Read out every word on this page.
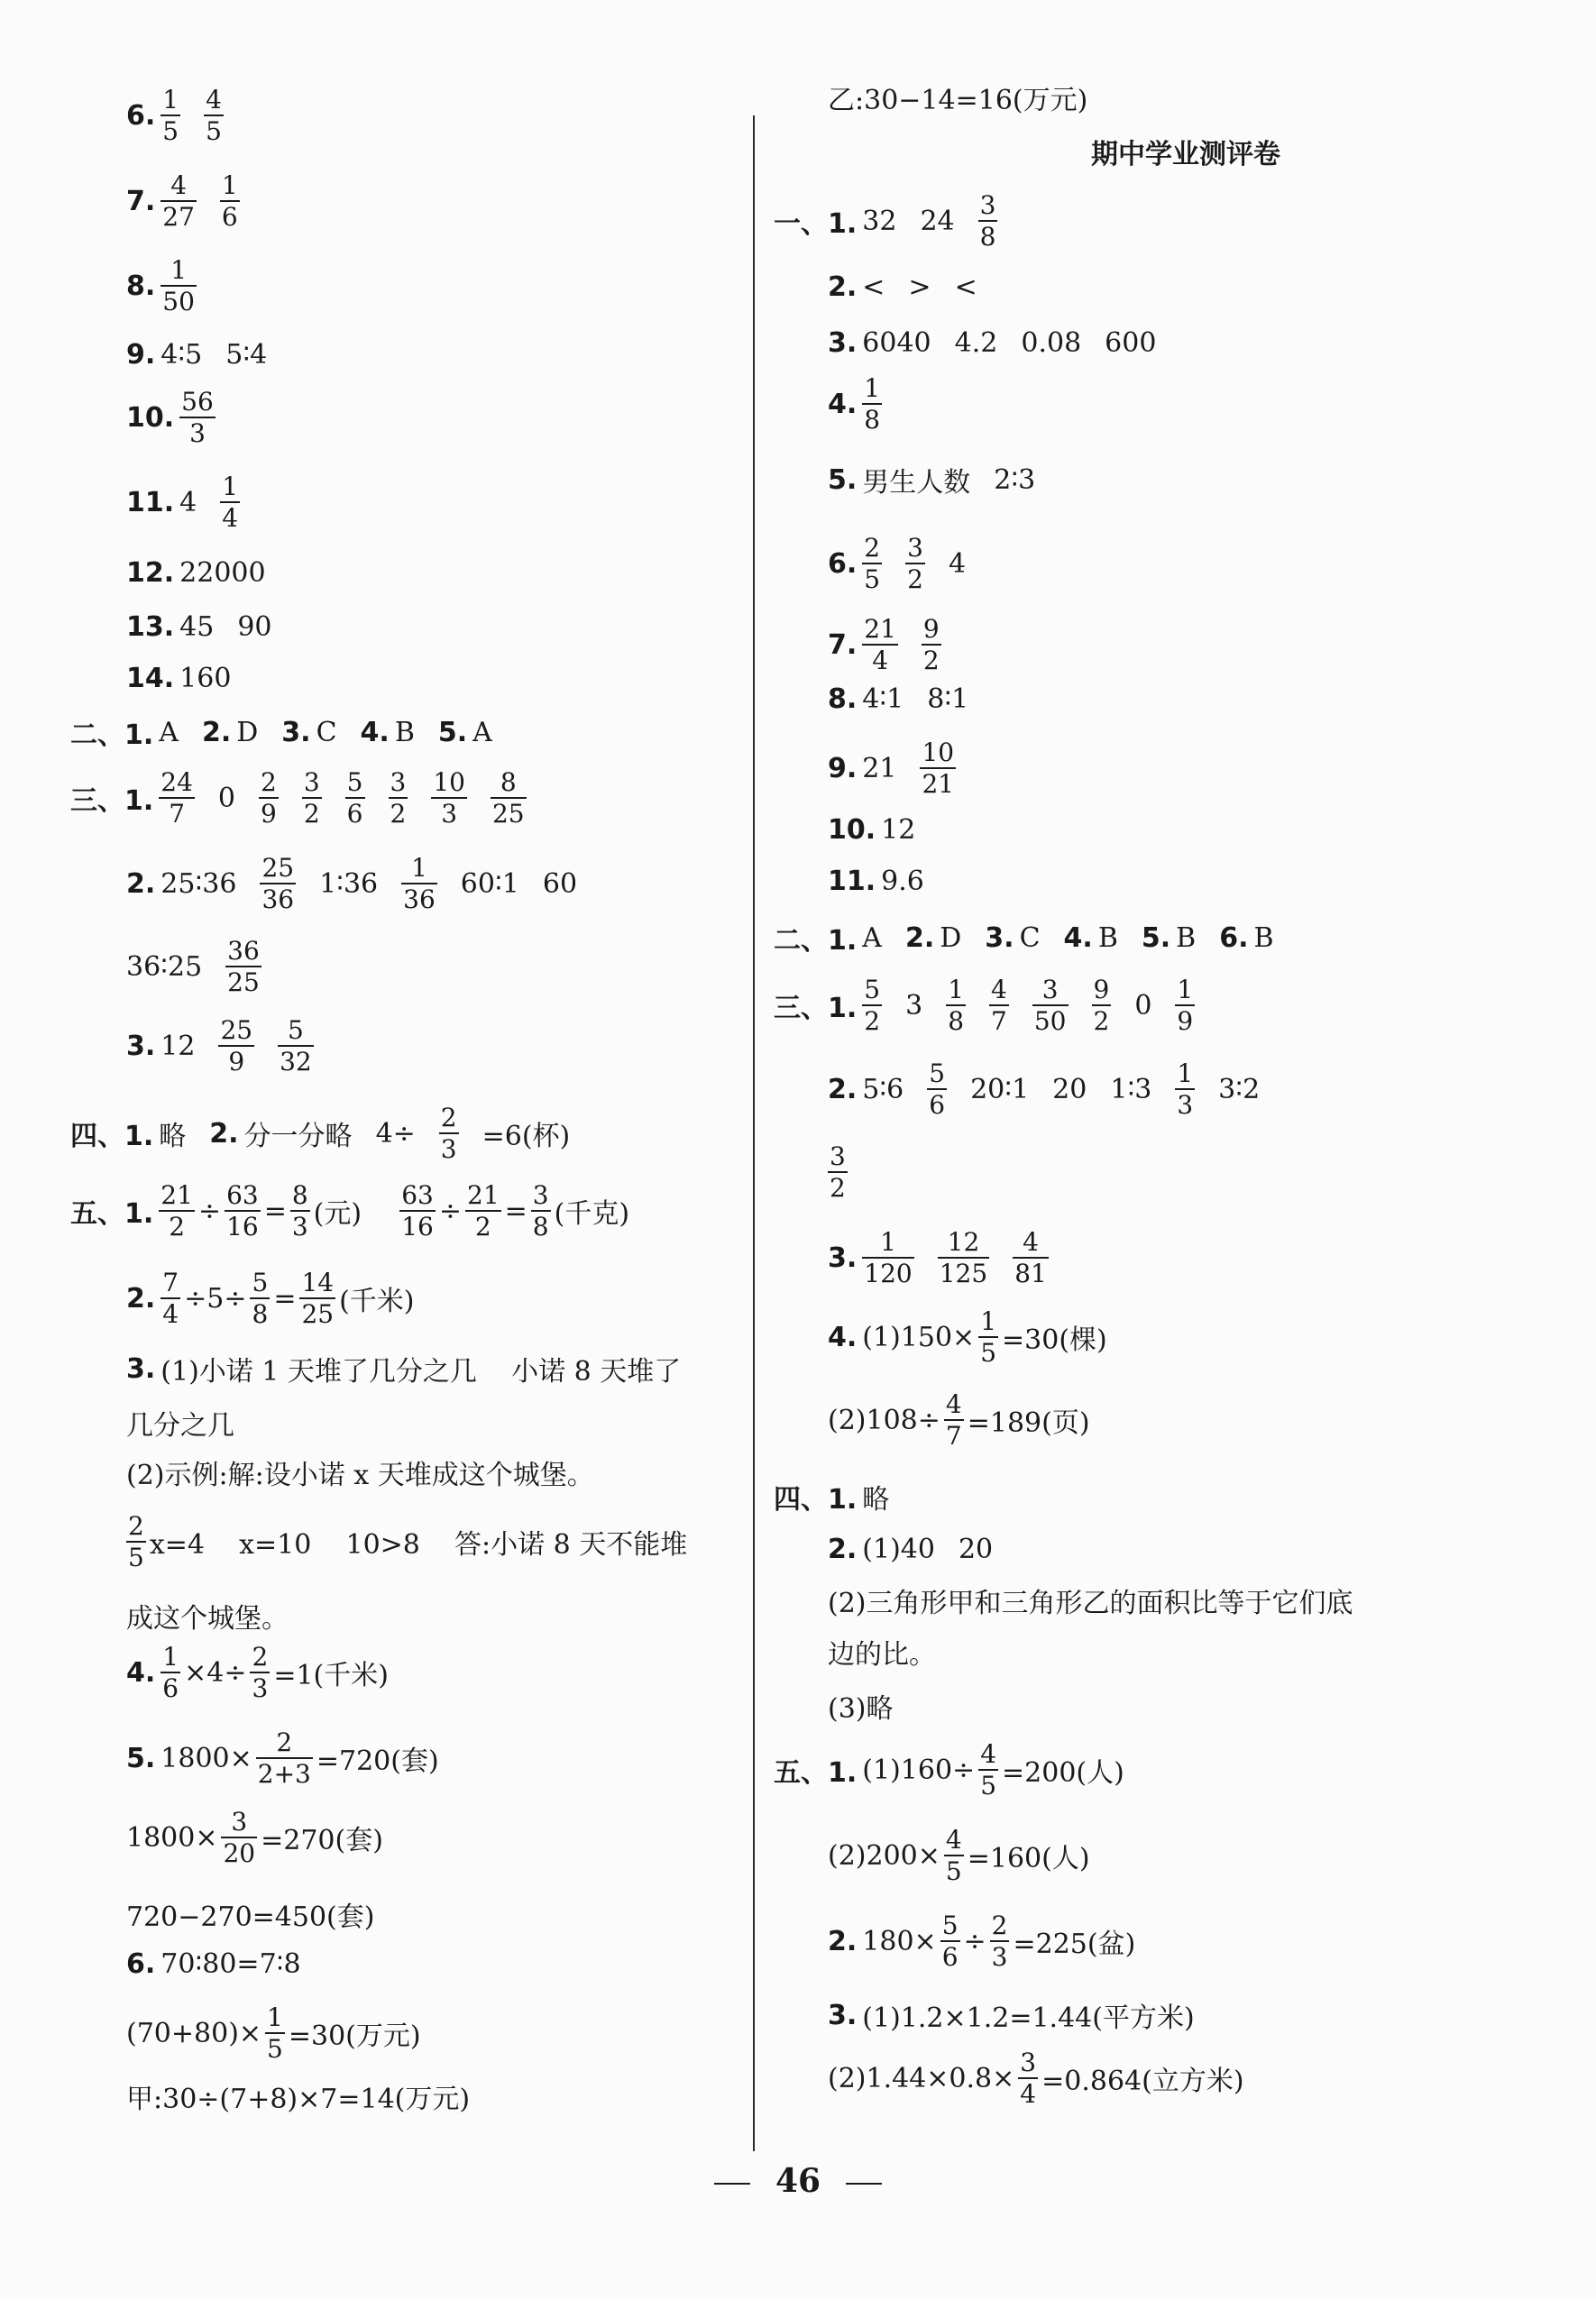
6. $\frac{1}{5} \frac{4}{5}$
7. $\frac{4}{27} \frac{1}{6}$
8. $\frac{1}{50}$
9. 4∶5 5∶4
10. $\frac{56}{3}$
11. $4 \frac{1}{4}$
12. 22000
13. 45 90
14. 160
二、1. A 2. D 3. C 4. B 5. A
三、1. $\frac{24}{7} 0 \frac{2}{9} \frac{3}{2} \frac{5}{6} \frac{3}{2} \frac{10}{3} \frac{8}{25}$
2. 25∶36 $\frac{25}{36}$ 1∶36 $\frac{1}{36}$ 60∶1 60
36∶25 $\frac{36}{25}$
3. $12 \frac{25}{9} \frac{5}{32}$
四、1. 略 2. 分一分略 $4\div \frac{2}{3} =6$(杯)
五、1. $\frac{21}{2} \div \frac{63}{16} = \frac{8}{3}$ (元) $\frac{63}{16} \div \frac{21}{2} = \frac{3}{8}$ (千克)
2. $\frac{7}{4} \div 5\div \frac{5}{8} = \frac{14}{25}$ (千米)
3. (1)小诺 1 天堆了几分之几    小诺 8 天堆了
几分之几
(2)示例:解:设小诺 x 天堆成这个城堡。
$\frac{2}{5} x=4$    x=10    10>8    答:小诺 8 天不能堆
成这个城堡。
4. $\frac{1}{6} \times 4\div \frac{2}{3} =1$(千米)
5. $1800\times \frac{2}{2+3} =720$(套)
$1800\times \frac{3}{20} =270$(套)
720−270=450(套)
6. 70∶80=7∶8
$(70+80)\times \frac{1}{5} =30$(万元)
甲:30÷(7+8)×7=14(万元)
乙:30−14=16(万元)
期中学业测评卷
一、1. 32 $24 \frac{3}{8}$
2. < > <
3. 6040 4.2 0.08 600
4. $\frac{1}{8}$
5. 男生人数 2∶3
6. $\frac{2}{5} \frac{3}{2} 4$
7. $\frac{21}{4} \frac{9}{2}$
8. 4∶1 8∶1
9. $21 \frac{10}{21}$
10. 12
11. 9.6
二、1. A 2. D 3. C 4. B 5. B 6. B
三、1. $\frac{5}{2} 3 \frac{1}{8} \frac{4}{7} \frac{3}{50} \frac{9}{2} 0 \frac{1}{9}$
2. 5∶6 $\frac{5}{6}$ 20∶1 20 1∶3 $\frac{1}{3}$ 3∶2
$\frac{3}{2}$
3. $\frac{1}{120} \frac{12}{125} \frac{4}{81}$
4. $(1)150\times \frac{1}{5} =30$(棵)
$(2)108\div \frac{4}{7} =189$(页)
四、1. 略
2. (1)40 20
(2)三角形甲和三角形乙的面积比等于它们底
边的比。
(3)略
五、1. $(1)160\div \frac{4}{5} =200$(人)
$(2)200\times \frac{4}{5} =160$(人)
2. $180\times \frac{5}{6} \div \frac{2}{3} =225$(盆)
3. (1)1.2×1.2=1.44(平方米)
$(2)1.44\times 0.8\times \frac{3}{4} =0.864$(立方米)
46
